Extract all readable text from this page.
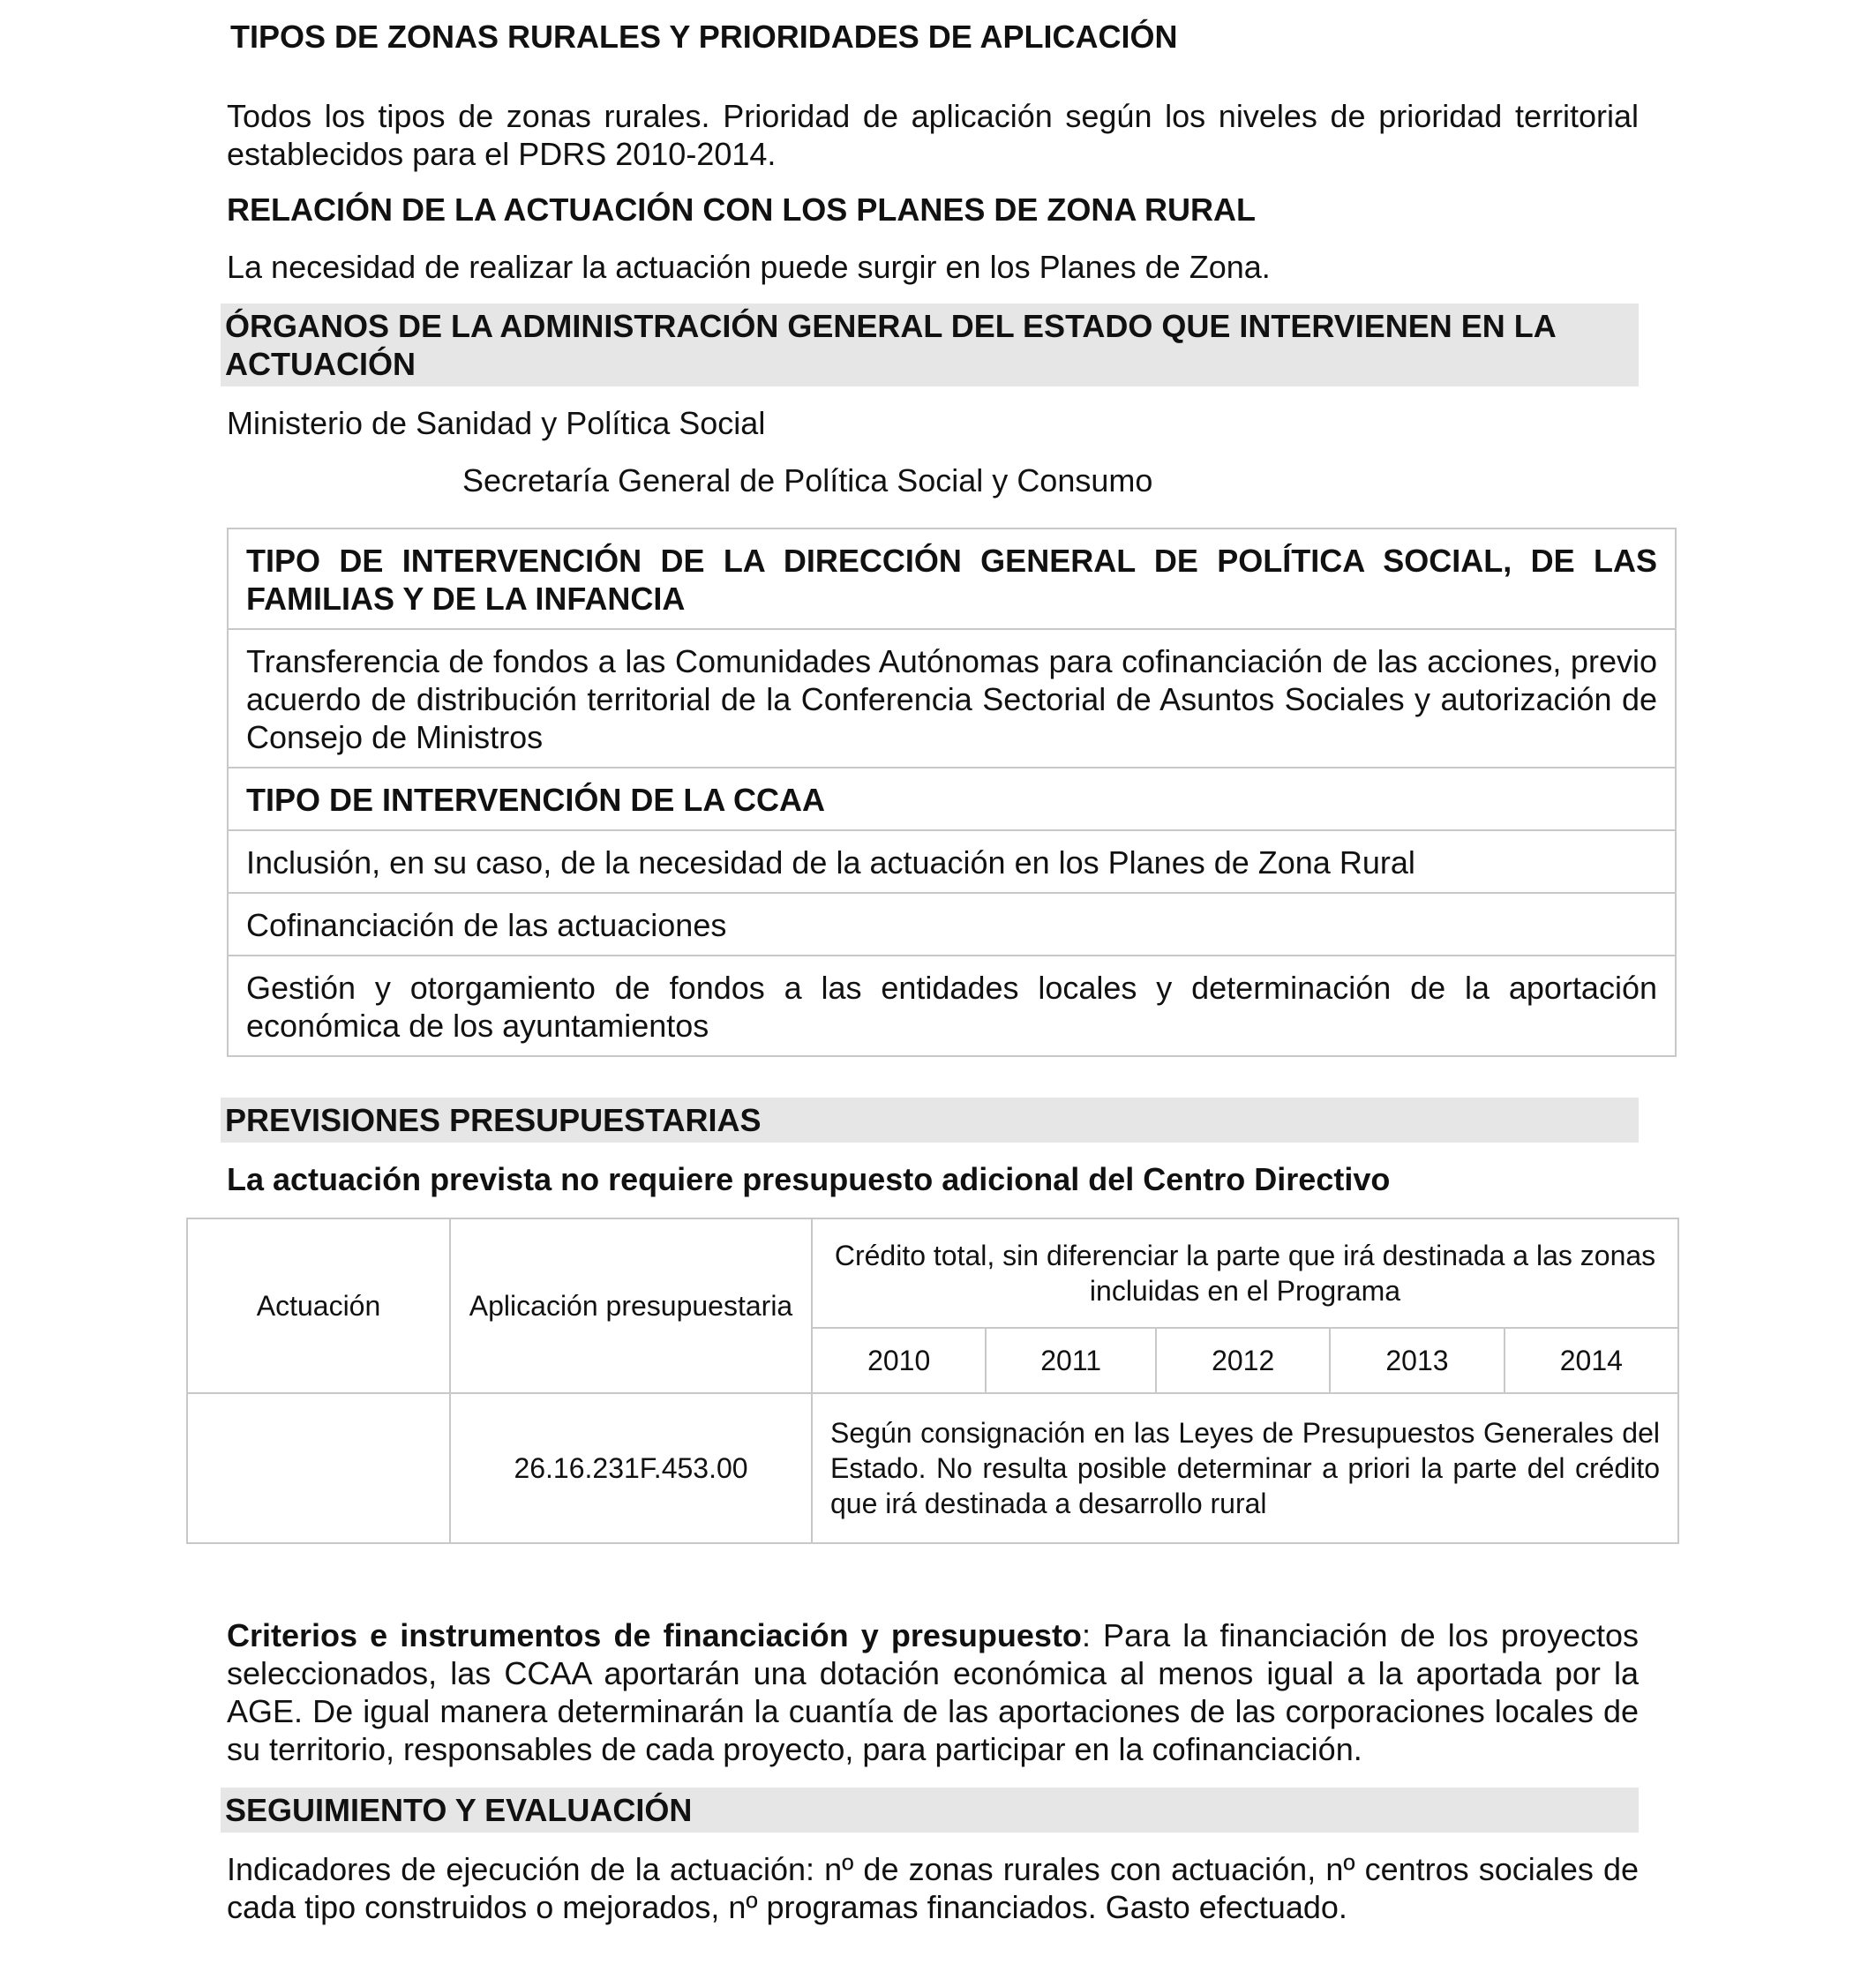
TIPOS DE ZONAS RURALES Y PRIORIDADES DE APLICACIÓN
Todos los tipos de zonas rurales. Prioridad de aplicación según los niveles de prioridad territorial establecidos para el PDRS 2010-2014.
RELACIÓN DE LA ACTUACIÓN CON LOS PLANES DE ZONA RURAL
La necesidad de realizar la actuación puede surgir en los Planes de Zona.
ÓRGANOS DE LA ADMINISTRACIÓN GENERAL DEL ESTADO QUE INTERVIENEN EN LA ACTUACIÓN
Ministerio de Sanidad y Política Social
Secretaría General de Política Social y Consumo
TIPO DE INTERVENCIÓN DE LA DIRECCIÓN GENERAL DE POLÍTICA SOCIAL, DE LAS FAMILIAS Y DE LA INFANCIA
Transferencia de fondos a las Comunidades Autónomas para cofinanciación de las acciones, previo acuerdo de distribución territorial de la Conferencia Sectorial de Asuntos Sociales y autorización de Consejo de Ministros
TIPO DE INTERVENCIÓN DE LA CCAA
Inclusión, en su caso, de la necesidad de la actuación en los Planes de Zona Rural
Cofinanciación de las actuaciones
Gestión y otorgamiento de fondos a las entidades locales y determinación de la aportación económica de los ayuntamientos
PREVISIONES PRESUPUESTARIAS
La actuación prevista no requiere presupuesto adicional del Centro Directivo
Actuación	Aplicación presupuestaria	Crédito total, sin diferenciar la parte que irá destinada a las zonas incluidas en el Programa				
		2010	2011	2012	2013	2014
	26.16.231F.453.00	Según consignación en las Leyes de Presupuestos Generales del Estado. No resulta posible determinar a priori la parte del crédito que irá destinada a desarrollo rural				
Criterios e instrumentos de financiación y presupuesto: Para la financiación de los proyectos seleccionados, las CCAA aportarán una dotación económica al menos igual a la aportada por la AGE. De igual manera determinarán la cuantía de las aportaciones de las corporaciones locales de su territorio, responsables de cada proyecto, para participar en la cofinanciación.
SEGUIMIENTO Y EVALUACIÓN
Indicadores de ejecución de la actuación: nº de zonas rurales con actuación, nº centros sociales de cada tipo construidos o mejorados, nº programas financiados. Gasto efectuado.
